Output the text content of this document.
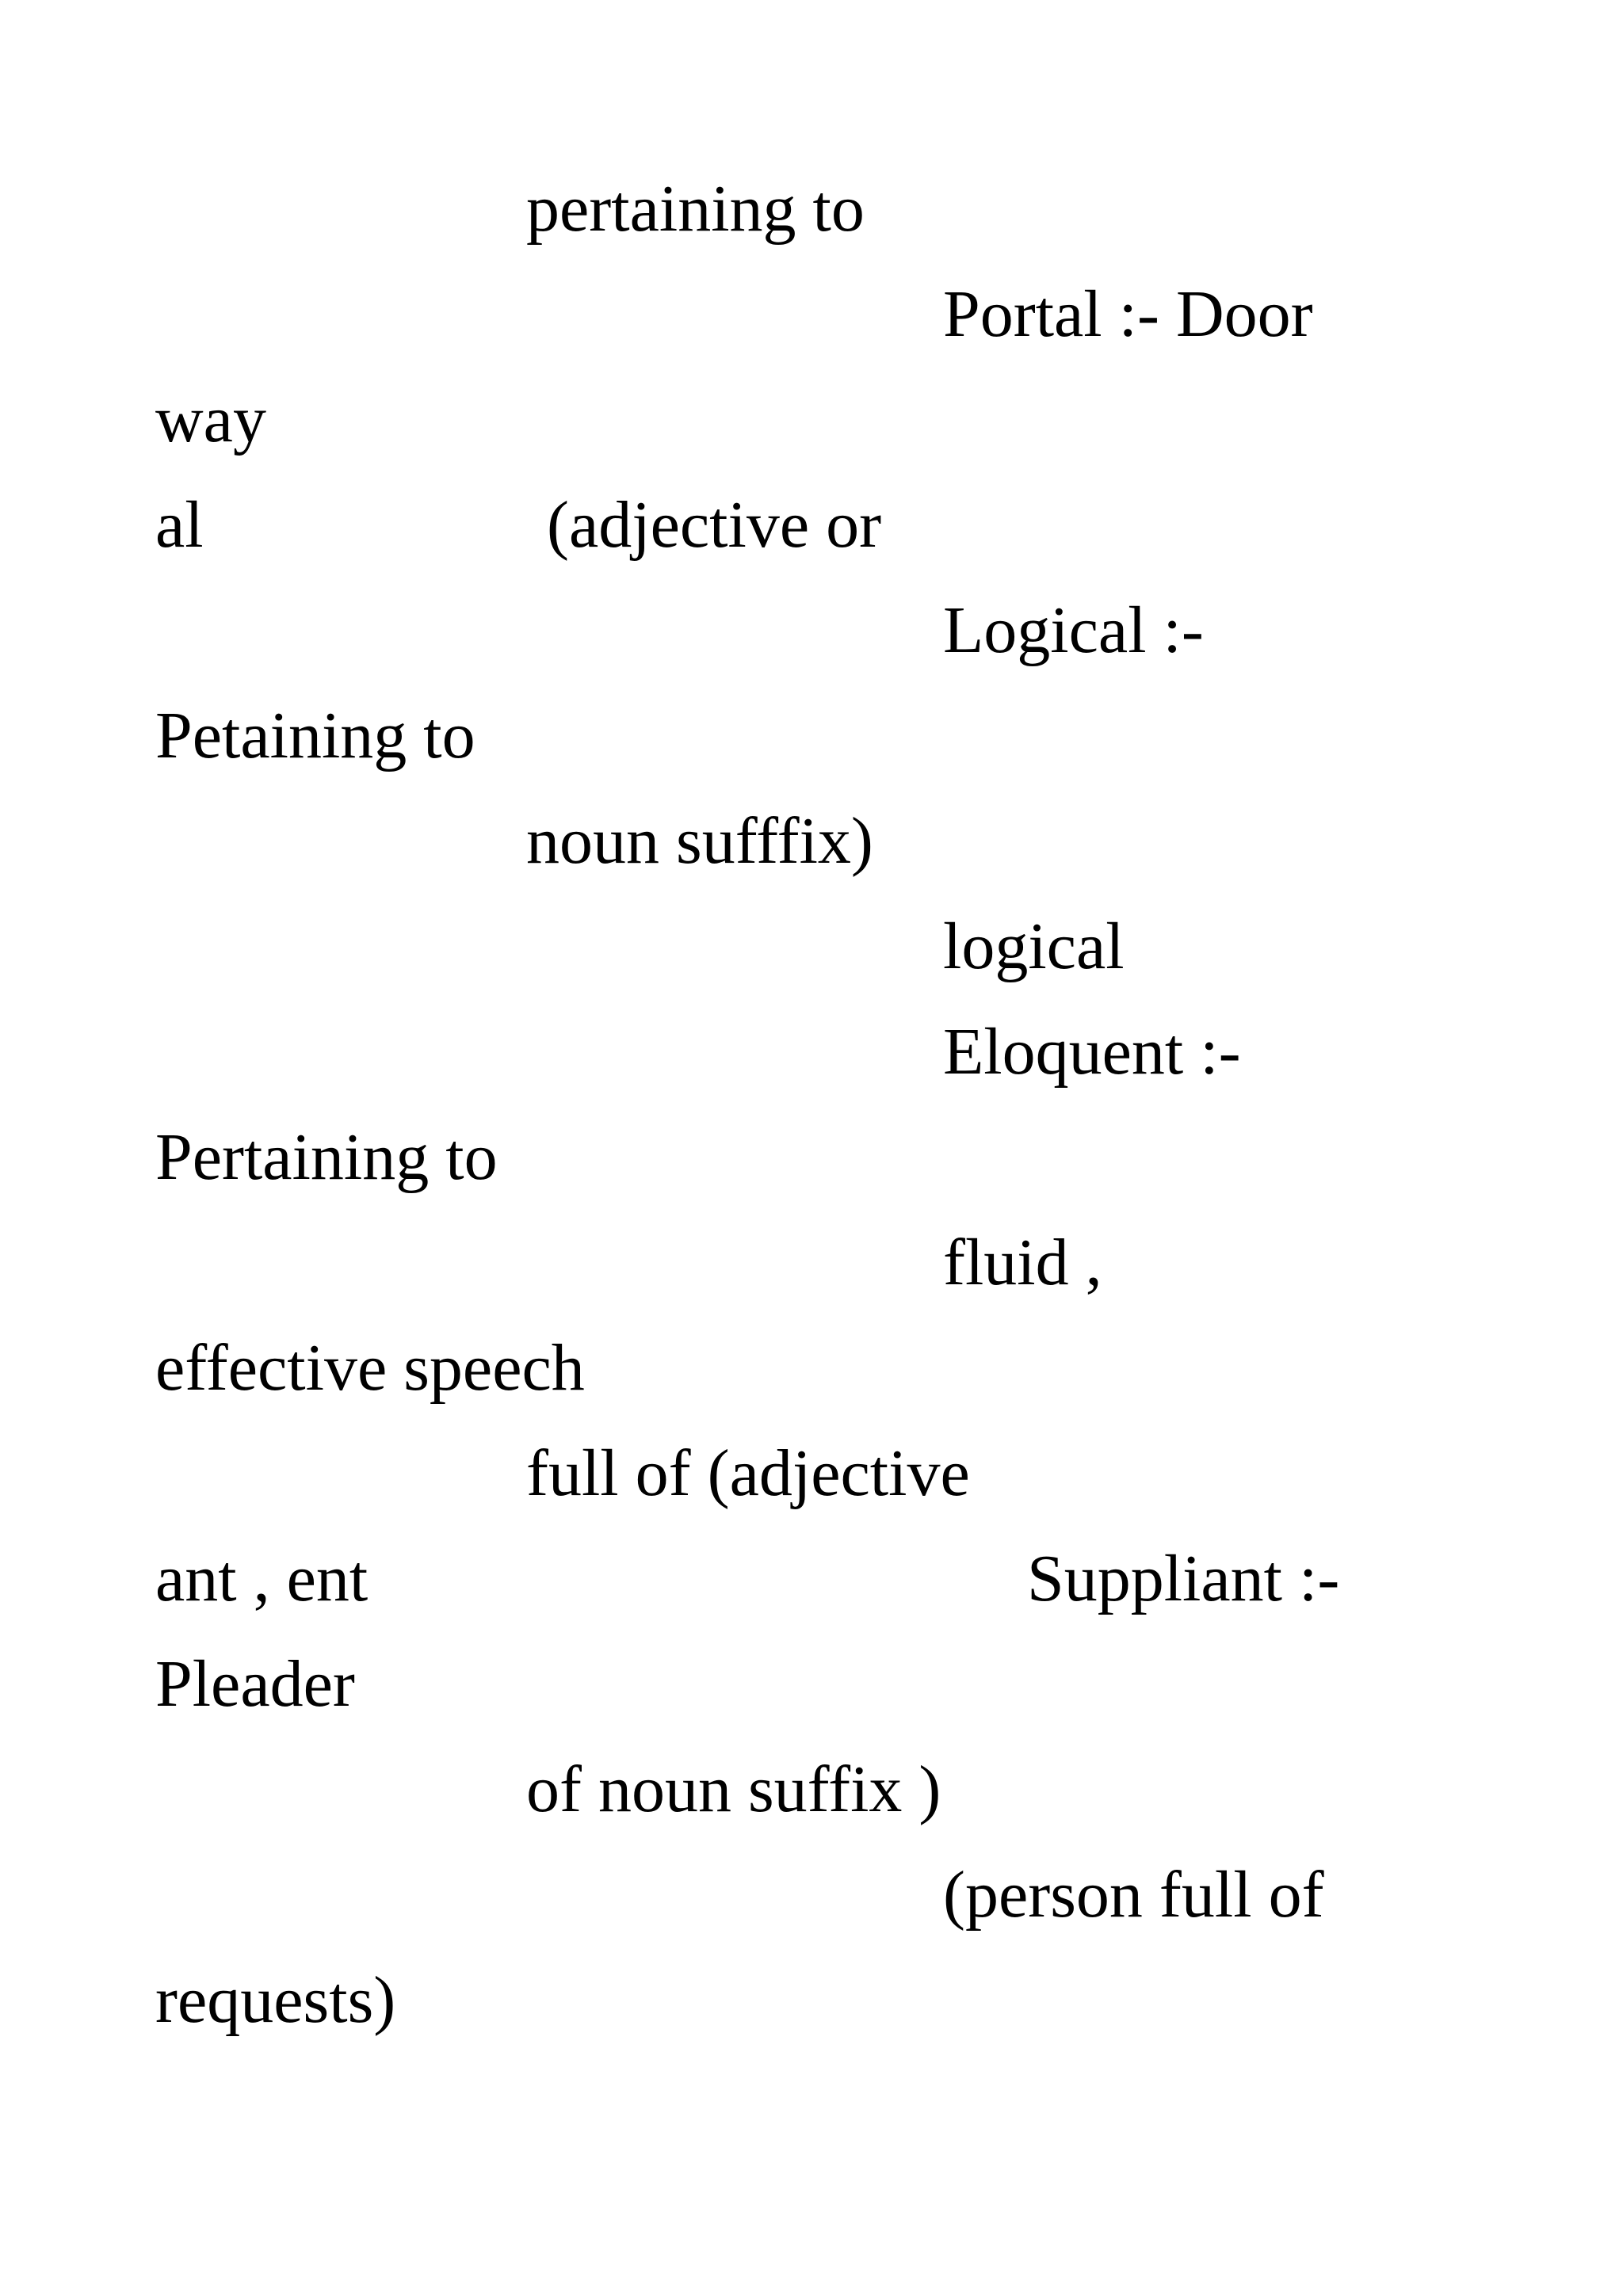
pertaining to
Portal :- Door
way
al	(adjective or
Logical :-
Petaining to
noun sufffix)
logical
Eloquent :-
Pertaining to
fluid ,
effective speech
full of (adjective
ant , ent	Suppliant :-
Pleader
of noun suffix )
(person full of
requests)
